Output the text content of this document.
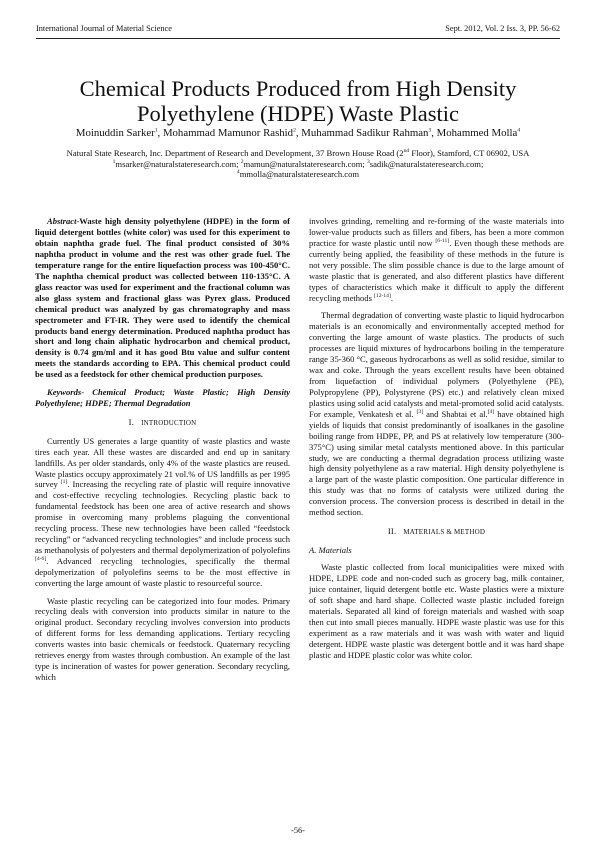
International Journal of Material Science	Sept. 2012, Vol. 2 Iss. 3, PP. 56-62
Chemical Products Produced from High Density Polyethylene (HDPE) Waste Plastic
Moinuddin Sarker$^1$, Mohammad Mamunor Rashid$^2$, Muhammad Sadikur Rahman$^3$, Mohammed Molla$^4$
Natural State Research, Inc. Department of Research and Development, 37 Brown House Road (2nd Floor), Stamford, CT 06902, USA
$^1$msarker@naturalstateresearch.com; $^2$mamun@naturalstateresearch.com; $^3$sadik@naturalstateresearch.com;
$^4$mmolla@naturalstateresearch.com

Abstract-Waste high density polyethylene (HDPE) in the form of liquid detergent bottles (white color) was used for this experiment to obtain naphtha grade fuel. The final product consisted of 30% naphtha product in volume and the rest was other grade fuel. The temperature range for the entire liquefaction process was 100-450°C. The naphtha chemical product was collected between 110-135°C. A glass reactor was used for experiment and the fractional column was also glass system and fractional glass was Pyrex glass. Produced chemical product was analyzed by gas chromatography and mass spectrometer and FT-IR. They were used to identify the chemical products band energy determination. Produced naphtha product has short and long chain aliphatic hydrocarbon and chemical product, density is 0.74 gm/ml and it has good Btu value and sulfur content meets the standards according to EPA. This chemical product could be used as a feedstock for other chemical production purposes.

Keywords- Chemical Product; Waste Plastic; High Density Polyethylene; HDPE; Thermal Degradation

I. INTRODUCTION

Currently US generates a large quantity of waste plastics and waste tires each year. All these wastes are discarded and end up in sanitary landfills. As per older standards, only 4% of the waste plastics are reused. Waste plastics occupy approximately 21 vol.% of US landfills as per 1995 survey [1]. Increasing the recycling rate of plastic will require innovative and cost-effective recycling technologies. Recycling plastic back to fundamental feedstock has been one area of active research and shows promise in overcoming many problems plaguing the conventional recycling process. These new technologies have been called “feedstock recycling” or “advanced recycling technologies” and include process such as methanolysis of polyesters and thermal depolymerization of polyolefins [4-6]. Advanced recycling technologies, specifically the thermal depolymerization of polyolefins seems to be the most effective in converting the large amount of waste plastic to resourceful source.

Waste plastic recycling can be categorized into four modes. Primary recycling deals with conversion into products similar in nature to the original product. Secondary recycling involves conversion into products of different forms for less demanding applications. Tertiary recycling converts wastes into basic chemicals or feedstock. Quaternary recycling retrieves energy from wastes through combustion. An example of the last type is incineration of wastes for power generation. Secondary recycling, which

involves grinding, remelting and re-forming of the waste materials into lower-value products such as fillers and fibers, has been a more common practice for waste plastic until now [6-11]. Even though these methods are currently being applied, the feasibility of these methods in the future is not very possible. The slim possible chance is due to the large amount of waste plastic that is generated, and also different plastics have different types of characteristics which make it difficult to apply the different recycling methods [12-14].

Thermal degradation of converting waste plastic to liquid hydrocarbon materials is an economically and environmentally accepted method for converting the large amount of waste plastics. The products of such processes are liquid mixtures of hydrocarbons boiling in the temperature range 35-360 °C, gaseous hydrocarbons as well as solid residue, similar to wax and coke. Through the years excellent results have been obtained from liquefaction of individual polymers (Polyethylene (PE), Polypropylene (PP), Polystyrene (PS) etc.) and relatively clean mixed plastics using solid acid catalysts and metal-promoted solid acid catalysts. For example, Venkatesh et al. [3] and Shabtai et al.[4] have obtained high yields of liquids that consist predominantly of isoalkanes in the gasoline boiling range from HDPE, PP, and PS at relatively low temperature (300-375°C) using similar metal catalysts mentioned above. In this particular study, we are conducting a thermal degradation process utilizing waste high density polyethylene as a raw material. High density polyethylene is a large part of the waste plastic composition. One particular difference in this study was that no forms of catalysts were utilized during the conversion process. The conversion process is described in detail in the method section.

II. MATERIALS & METHOD
A. Materials

Waste plastic collected from local municipalities were mixed with HDPE, LDPE code and non-coded such as grocery bag, milk container, juice container, liquid detergent bottle etc. Waste plastics were a mixture of soft shape and hard shape. Collected waste plastic included foreign materials. Separated all kind of foreign materials and washed with soap then cut into small pieces manually. HDPE waste plastic was use for this experiment as a raw materials and it was wash with water and liquid detergent. HDPE waste plastic was detergent bottle and it was hard shape plastic and HDPE plastic color was white color.

-56-
